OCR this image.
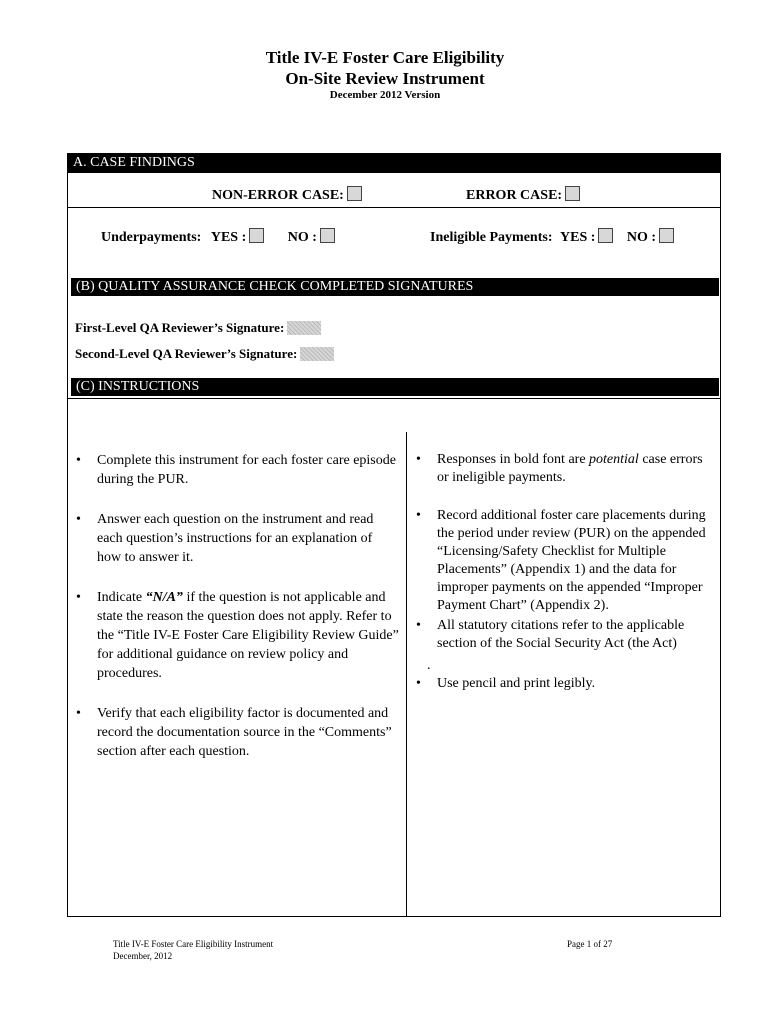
Title IV-E Foster Care Eligibility
On-Site Review Instrument
December 2012 Version
A. CASE FINDINGS
NON-ERROR CASE:	ERROR CASE:
Underpayments: YES :	NO :	Ineligible Payments: YES : NO :
(B) QUALITY ASSURANCE CHECK COMPLETED SIGNATURES
First-Level QA Reviewer’s Signature:
Second-Level QA Reviewer’s Signature:
(C) INSTRUCTIONS
• Complete this instrument for each foster care episode during the PUR.
• Answer each question on the instrument and read each question’s instructions for an explanation of how to answer it.
• Indicate “N/A” if the question is not applicable and state the reason the question does not apply. Refer to the “Title IV-E Foster Care Eligibility Review Guide” for additional guidance on review policy and procedures.
• Verify that each eligibility factor is documented and record the documentation source in the “Comments” section after each question.
• Responses in bold font are potential case errors or ineligible payments.
• Record additional foster care placements during the period under review (PUR) on the appended “Licensing/Safety Checklist for Multiple Placements” (Appendix 1) and the data for improper payments on the appended “Improper Payment Chart” (Appendix 2).
• All statutory citations refer to the applicable section of the Social Security Act (the Act)
.
• Use pencil and print legibly.
Title IV-E Foster Care Eligibility Instrument
December, 2012
Page 1 of 27
